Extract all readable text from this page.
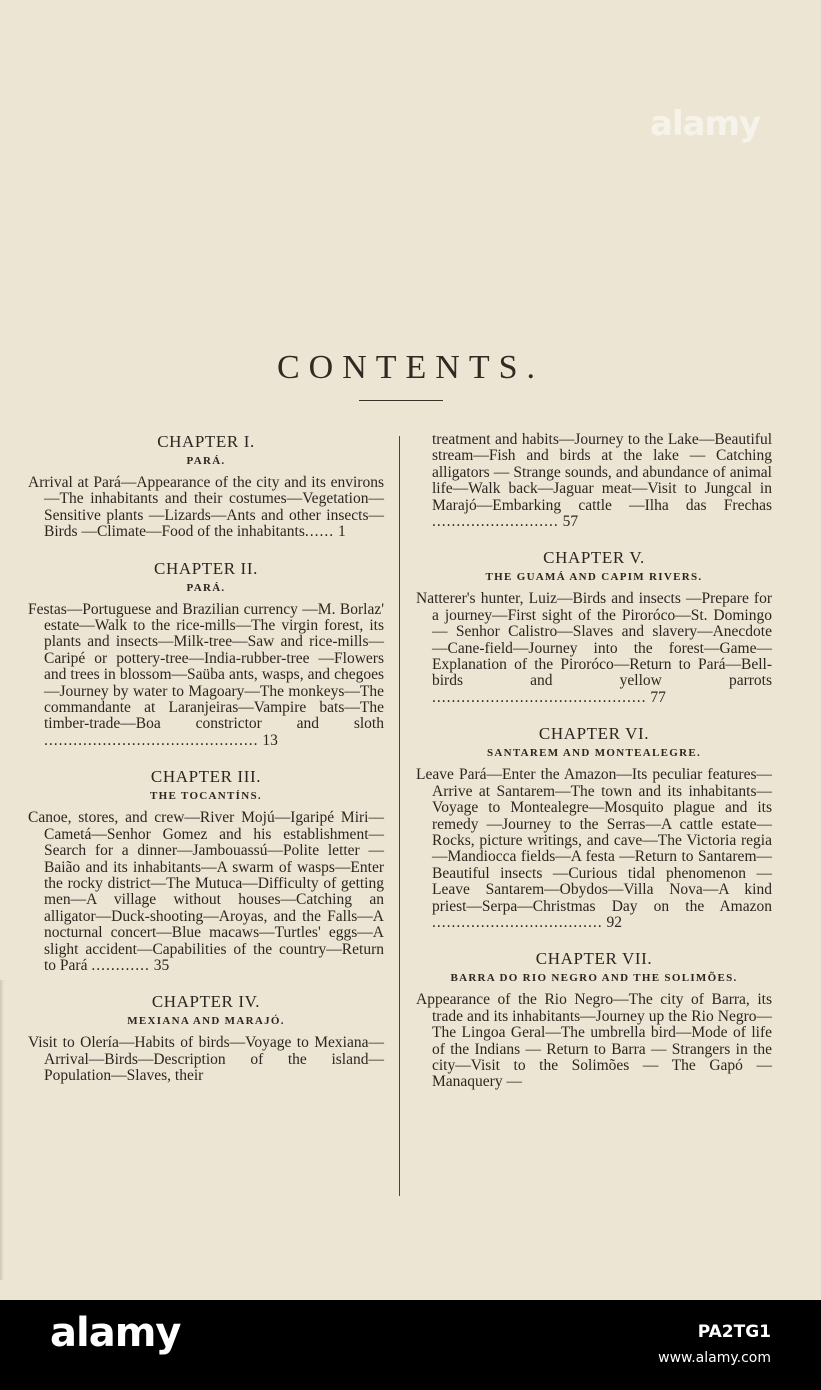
alamy
CONTENTS.

CHAPTER I.

PARÁ.

Arrival at Pará—Appearance of the city and its environs—The inhabitants and their costumes—Vegetation—Sensitive plants —Lizards—Ants and other insects—Birds —Climate—Food of the inhabitants...... 1

CHAPTER II.

PARÁ.

Festas—Portuguese and Brazilian currency —M. Borlaz' estate—Walk to the rice-mills—The virgin forest, its plants and insects—Milk-tree—Saw and rice-mills—Caripé or pottery-tree—India-rubber-tree —Flowers and trees in blossom—Saüba ants, wasps, and chegoes—Journey by water to Magoary—The monkeys—The commandante at Laranjeiras—Vampire bats—The timber-trade—Boa constrictor and sloth ............................................ 13

CHAPTER III.

THE TOCANTÍNS.

Canoe, stores, and crew—River Mojú—Igaripé Miri—Cametá—Senhor Gomez and his establishment—Search for a dinner—Jambouassú—Polite letter — Baião and its inhabitants—A swarm of wasps—Enter the rocky district—The Mutuca—Difficulty of getting men—A village without houses—Catching an alligator—Duck-shooting—Aroyas, and the Falls—A nocturnal concert—Blue macaws—Turtles' eggs—A slight accident—Capabilities of the country—Return to Pará ............ 35

CHAPTER IV.

MEXIANA AND MARAJÓ.

Visit to Olería—Habits of birds—Voyage to Mexiana—Arrival—Birds—Description of the island—Population—Slaves, their

treatment and habits—Journey to the Lake—Beautiful stream—Fish and birds at the lake — Catching alligators — Strange sounds, and abundance of animal life—Walk back—Jaguar meat—Visit to Jungcal in Marajó—Embarking cattle —Ilha das Frechas .......................... 57

CHAPTER V.

THE GUAMÁ AND CAPIM RIVERS.

Natterer's hunter, Luiz—Birds and insects —Prepare for a journey—First sight of the Piroróco—St. Domingo — Senhor Calistro—Slaves and slavery—Anecdote —Cane-field—Journey into the forest—Game—Explanation of the Piroróco—Return to Pará—Bell-birds and yellow parrots ............................................ 77

CHAPTER VI.

SANTAREM AND MONTEALEGRE.

Leave Pará—Enter the Amazon—Its peculiar features—Arrive at Santarem—The town and its inhabitants—Voyage to Montealegre—Mosquito plague and its remedy —Journey to the Serras—A cattle estate—Rocks, picture writings, and cave—The Victoria regia—Mandiocca fields—A festa —Return to Santarem—Beautiful insects —Curious tidal phenomenon — Leave Santarem—Obydos—Villa Nova—A kind priest—Serpa—Christmas Day on the Amazon ................................... 92

CHAPTER VII.

BARRA DO RIO NEGRO AND THE SOLIMÕES.

Appearance of the Rio Negro—The city of Barra, its trade and its inhabitants—Journey up the Rio Negro—The Lingoa Geral—The umbrella bird—Mode of life of the Indians — Return to Barra — Strangers in the city—Visit to the Solimões — The Gapó — Manaquery —

alamy	PA2TG1
www.alamy.com
